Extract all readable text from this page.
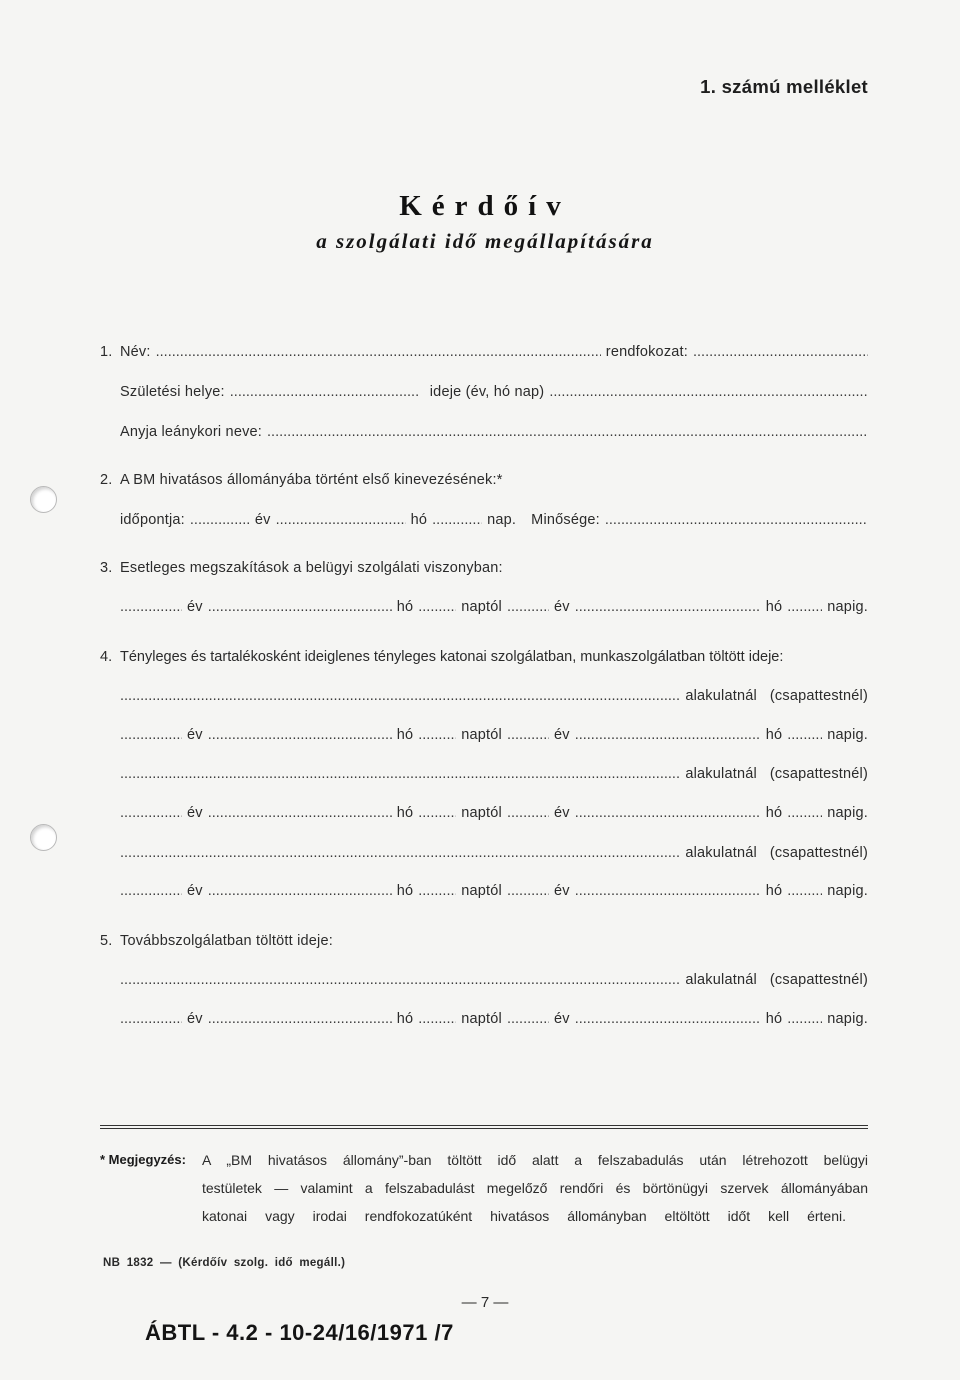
1. számú melléklet
Kérdőív
a szolgálati idő megállapítására
1. Név: .....	rendfokozat:
.....
Születési helye: .....	ideje (év, hó nap)
.....
Anyja leánykori neve:
.....
2. A BM hivatásos állományába történt első kinevezésének:*
időpontja: .....	év .....	hó .....	nap.	Minősége:
.....
3. Esetleges megszakítások a belügyi szolgálati viszonyban:
.....
év .....	hó .....	naptól .....	év .....	hó .....	napig.
4. Tényleges és tartalékosként ideiglenes tényleges katonai szolgálatban, munkaszolgálatban töltött ideje:
.....
alakulatnál (csapattestnél)
.....
év .....	hó .....	naptól .....	év .....	hó .....	napig.
.....
alakulatnál (csapattestnél)
.....
év .....	hó .....	naptól .....	év .....	hó .....	napig.
.....
alakulatnál (csapattestnél)
.....
év .....	hó .....	naptól .....	év .....	hó .....	napig.
5. Továbbszolgálatban töltött ideje:
.....
alakulatnál (csapattestnél)
.....
év .....	hó .....	naptól .....	év .....	hó .....	napig.
* Megjegyzés:	A „BM hivatásos állomány”-ban töltött idő alatt a felszabadulás után létrehozott belügyi
testületek — valamint a felszabadulást megelőző rendőri és börtönügyi szervek állományában
katonai vagy irodai rendfokozatúként hivatásos állományban eltöltött időt kell érteni.
NB 1832 — (Kérdőív szolg. idő megáll.)
— 7 —
ÁBTL - 4.2 - 10-24/16/1971 /7
